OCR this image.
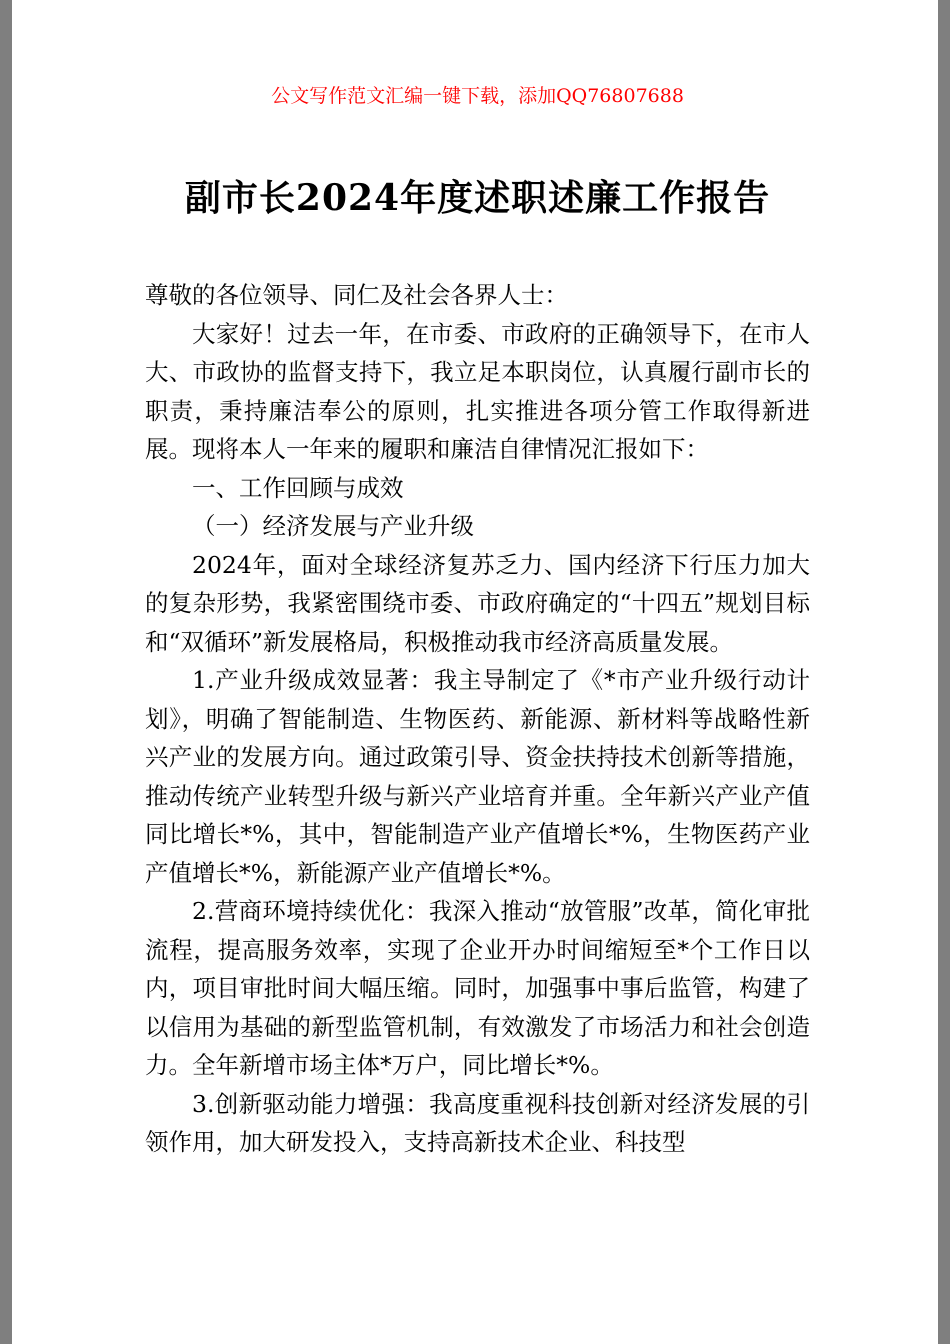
公文写作范文汇编一键下载，添加QQ76807688

副市长2024年度述职述廉工作报告

尊敬的各位领导、同仁及社会各界人士：

大家好！过去一年，在市委、市政府的正确领导下，在市人大、市政协的监督支持下，我立足本职岗位，认真履行副市长的职责，秉持廉洁奉公的原则，扎实推进各项分管工作取得新进展。现将本人一年来的履职和廉洁自律情况汇报如下：

一、工作回顾与成效

（一）经济发展与产业升级

2024年，面对全球经济复苏乏力、国内经济下行压力加大的复杂形势，我紧密围绕市委、市政府确定的“十四五”规划目标和“双循环”新发展格局，积极推动我市经济高质量发展。

1.产业升级成效显著：我主导制定了《*市产业升级行动计划》，明确了智能制造、生物医药、新能源、新材料等战略性新兴产业的发展方向。通过政策引导、资金扶持技术创新等措施，推动传统产业转型升级与新兴产业培育并重。全年新兴产业产值同比增长*%，其中，智能制造产业产值增长*%，生物医药产业产值增长*%，新能源产业产值增长*%。

2.营商环境持续优化：我深入推动“放管服”改革，简化审批流程，提高服务效率，实现了企业开办时间缩短至*个工作日以内，项目审批时间大幅压缩。同时，加强事中事后监管，构建了以信用为基础的新型监管机制，有效激发了市场活力和社会创造力。全年新增市场主体*万户，同比增长*%。

3.创新驱动能力增强：我高度重视科技创新对经济发展的引领作用，加大研发投入，支持高新技术企业、科技型
